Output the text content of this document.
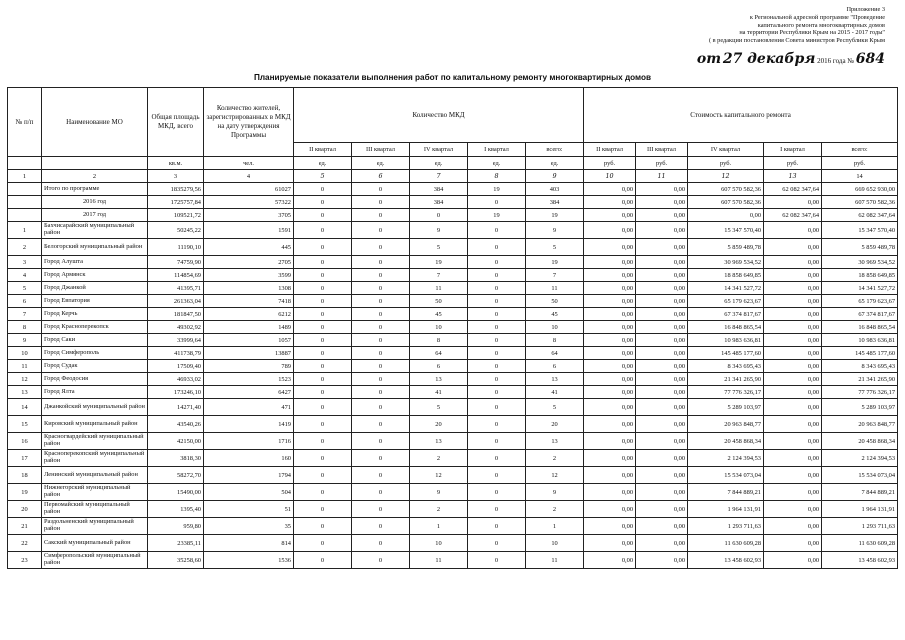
Приложение 3
к Региональной адресной программе "Проведение
капитального ремонта многоквартирных домов
на территории Республики Крым на 2015 - 2017 годы"
( в редакции постановления Совета министров Республики Крым
от 27 декабря 2016 года № 684
Планируемые показатели выполнения работ по капитальному ремонту многоквартирных домов
№ п/п	Наименование МО	Общая площадь МКД, всего	Количество жителей, зарегистрированных в МКД на дату утверждения Программы	Количество МКД					Стоимость капитального ремонта				
				II квартал	III квартал	IV квартал	I квартал	всего:	II квартал	III квартал	IV квартал	I квартал	всего:
		кв.м.	чел.	ед.	ед.	ед.	ед.	ед.	руб.	руб.	руб.	руб.	руб.
1	2	3	4	5	6	7	8	9	10	11	12	13	14
	Итого по программе	1835279,56	61027	0	0	384	19	403	0,00	0,00	607 570 582,36	62 082 347,64	669 652 930,00
	2016 год	1725757,84	57322	0	0	384	0	384	0,00	0,00	607 570 582,36	0,00	607 570 582,36
	2017 год	109521,72	3705	0	0	0	19	19	0,00	0,00	0,00	62 082 347,64	62 082 347,64
1	Бахчисарайский муниципальный район	50245,22	1591	0	0	9	0	9	0,00	0,00	15 347 570,40	0,00	15 347 570,40
2	Белогорский муниципальный район	11190,10	445	0	0	5	0	5	0,00	0,00	5 859 489,78	0,00	5 859 489,78
3	Город Алушта	74759,90	2705	0	0	19	0	19	0,00	0,00	30 969 534,52	0,00	30 969 534,52
4	Город Армянск	114854,69	3599	0	0	7	0	7	0,00	0,00	18 858 649,85	0,00	18 858 649,85
5	Город Джанкой	41395,71	1308	0	0	11	0	11	0,00	0,00	14 341 527,72	0,00	14 341 527,72
6	Город Евпатория	261363,04	7418	0	0	50	0	50	0,00	0,00	65 179 623,67	0,00	65 179 623,67
7	Город Керчь	181847,50	6212	0	0	45	0	45	0,00	0,00	67 374 817,67	0,00	67 374 817,67
8	Город Красноперекопск	49302,92	1489	0	0	10	0	10	0,00	0,00	16 848 865,54	0,00	16 848 865,54
9	Город Саки	33999,64	1057	0	0	8	0	8	0,00	0,00	10 983 636,81	0,00	10 983 636,81
10	Город Симферополь	411738,79	13887	0	0	64	0	64	0,00	0,00	145 485 177,60	0,00	145 485 177,60
11	Город Судак	17509,40	789	0	0	6	0	6	0,00	0,00	8 343 695,43	0,00	8 343 695,43
12	Город Феодосия	46933,02	1523	0	0	13	0	13	0,00	0,00	21 341 265,90	0,00	21 341 265,90
13	Город Ялта	173246,10	6427	0	0	41	0	41	0,00	0,00	77 776 326,17	0,00	77 776 326,17
14	Джанкойский муниципальный район	14271,40	471	0	0	5	0	5	0,00	0,00	5 289 103,97	0,00	5 289 103,97
15	Кировский муниципальный район	43540,26	1419	0	0	20	0	20	0,00	0,00	20 963 848,77	0,00	20 963 848,77
16	Красногвардейский муниципальный район	42150,00	1716	0	0	13	0	13	0,00	0,00	20 458 868,34	0,00	20 458 868,34
17	Красноперекопский муниципальный район	3818,30	160	0	0	2	0	2	0,00	0,00	2 124 394,53	0,00	2 124 394,53
18	Ленинский муниципальный район	58272,70	1794	0	0	12	0	12	0,00	0,00	15 534 073,04	0,00	15 534 073,04
19	Нижнегорский муниципальный район	15490,00	504	0	0	9	0	9	0,00	0,00	7 844 889,21	0,00	7 844 889,21
20	Первомайский муниципальный район	1395,40	51	0	0	2	0	2	0,00	0,00	1 964 131,91	0,00	1 964 131,91
21	Раздольненский муниципальный район	959,80	35	0	0	1	0	1	0,00	0,00	1 293 711,63	0,00	1 293 711,63
22	Сакский муниципальный район	23385,11	814	0	0	10	0	10	0,00	0,00	11 630 609,28	0,00	11 630 609,28
23	Симферопольский муниципальный район	35258,60	1536	0	0	11	0	11	0,00	0,00	13 458 602,93	0,00	13 458 602,93
